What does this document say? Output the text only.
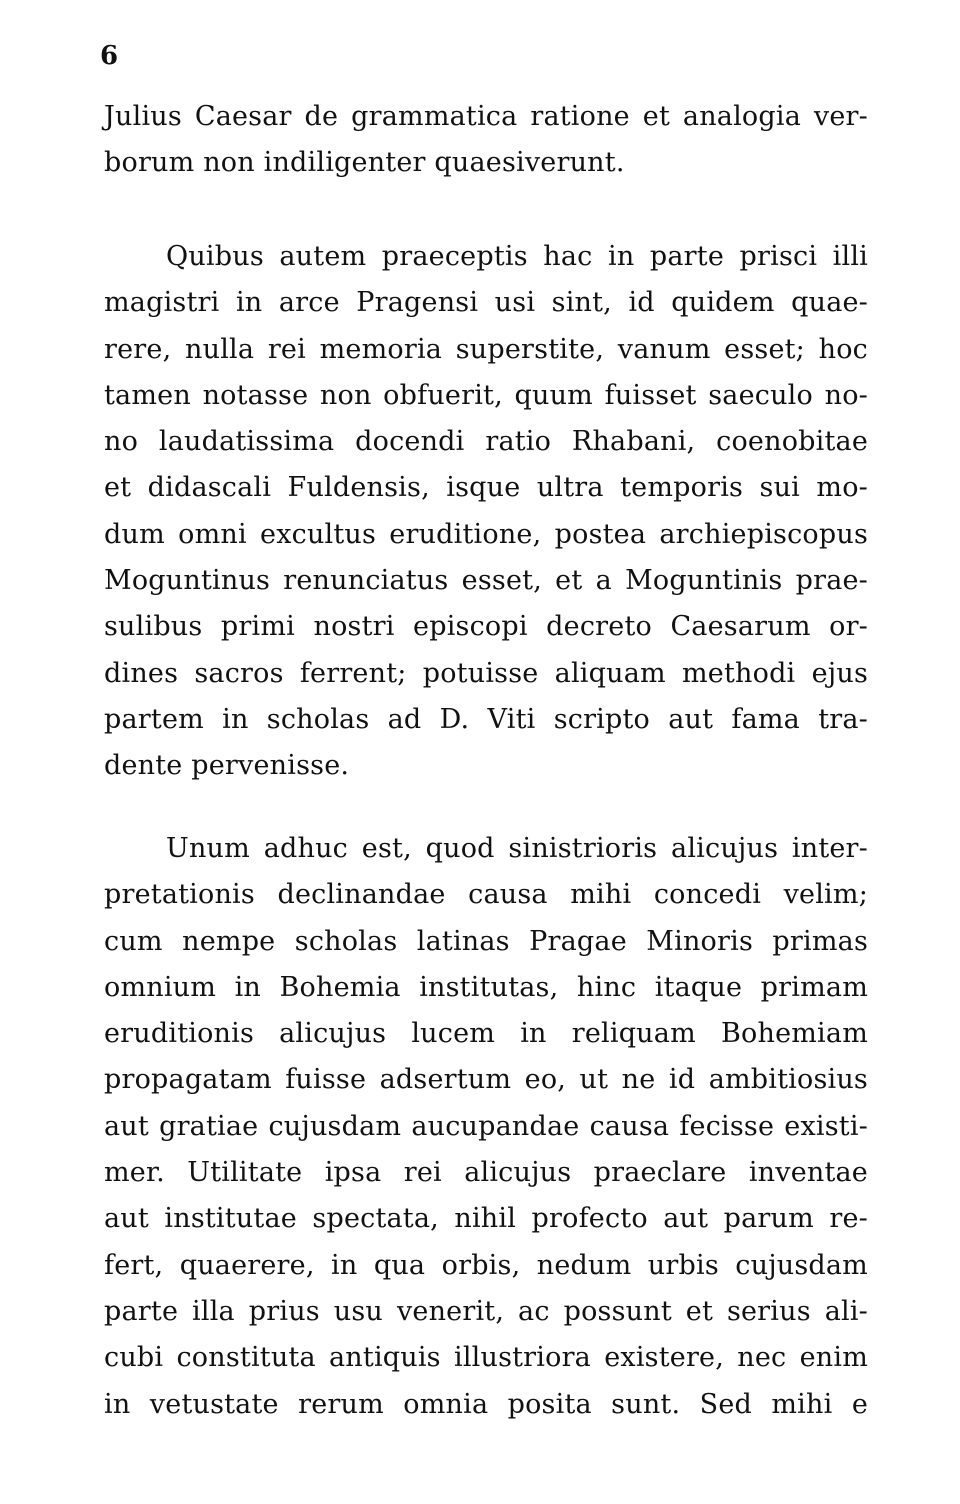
6
Julius Caesar de grammatica ratione et analogia ver-
borum non indiligenter quaesiverunt.
Quibus autem praeceptis hac in parte prisci illi
magistri in arce Pragensi usi sint, id quidem quae-
rere, nulla rei memoria superstite, vanum esset; hoc
tamen notasse non obfuerit, quum fuisset saeculo no-
no laudatissima docendi ratio Rhabani, coenobitae
et didascali Fuldensis, isque ultra temporis sui mo-
dum omni excultus eruditione, postea archiepiscopus
Moguntinus renunciatus esset, et a Moguntinis prae-
sulibus primi nostri episcopi decreto Caesarum or-
dines sacros ferrent; potuisse aliquam methodi ejus
partem in scholas ad D. Viti scripto aut fama tra-
dente pervenisse.
Unum adhuc est, quod sinistrioris alicujus inter-
pretationis declinandae causa mihi concedi velim;
cum nempe scholas latinas Pragae Minoris primas
omnium in Bohemia institutas, hinc itaque primam
eruditionis alicujus lucem in reliquam Bohemiam
propagatam fuisse adsertum eo, ut ne id ambitiosius
aut gratiae cujusdam aucupandae causa fecisse existi-
mer. Utilitate ipsa rei alicujus praeclare inventae
aut institutae spectata, nihil profecto aut parum re-
fert, quaerere, in qua orbis, nedum urbis cujusdam
parte illa prius usu venerit, ac possunt et serius ali-
cubi constituta antiquis illustriora existere, nec enim
in vetustate rerum omnia posita sunt. Sed mihi e
